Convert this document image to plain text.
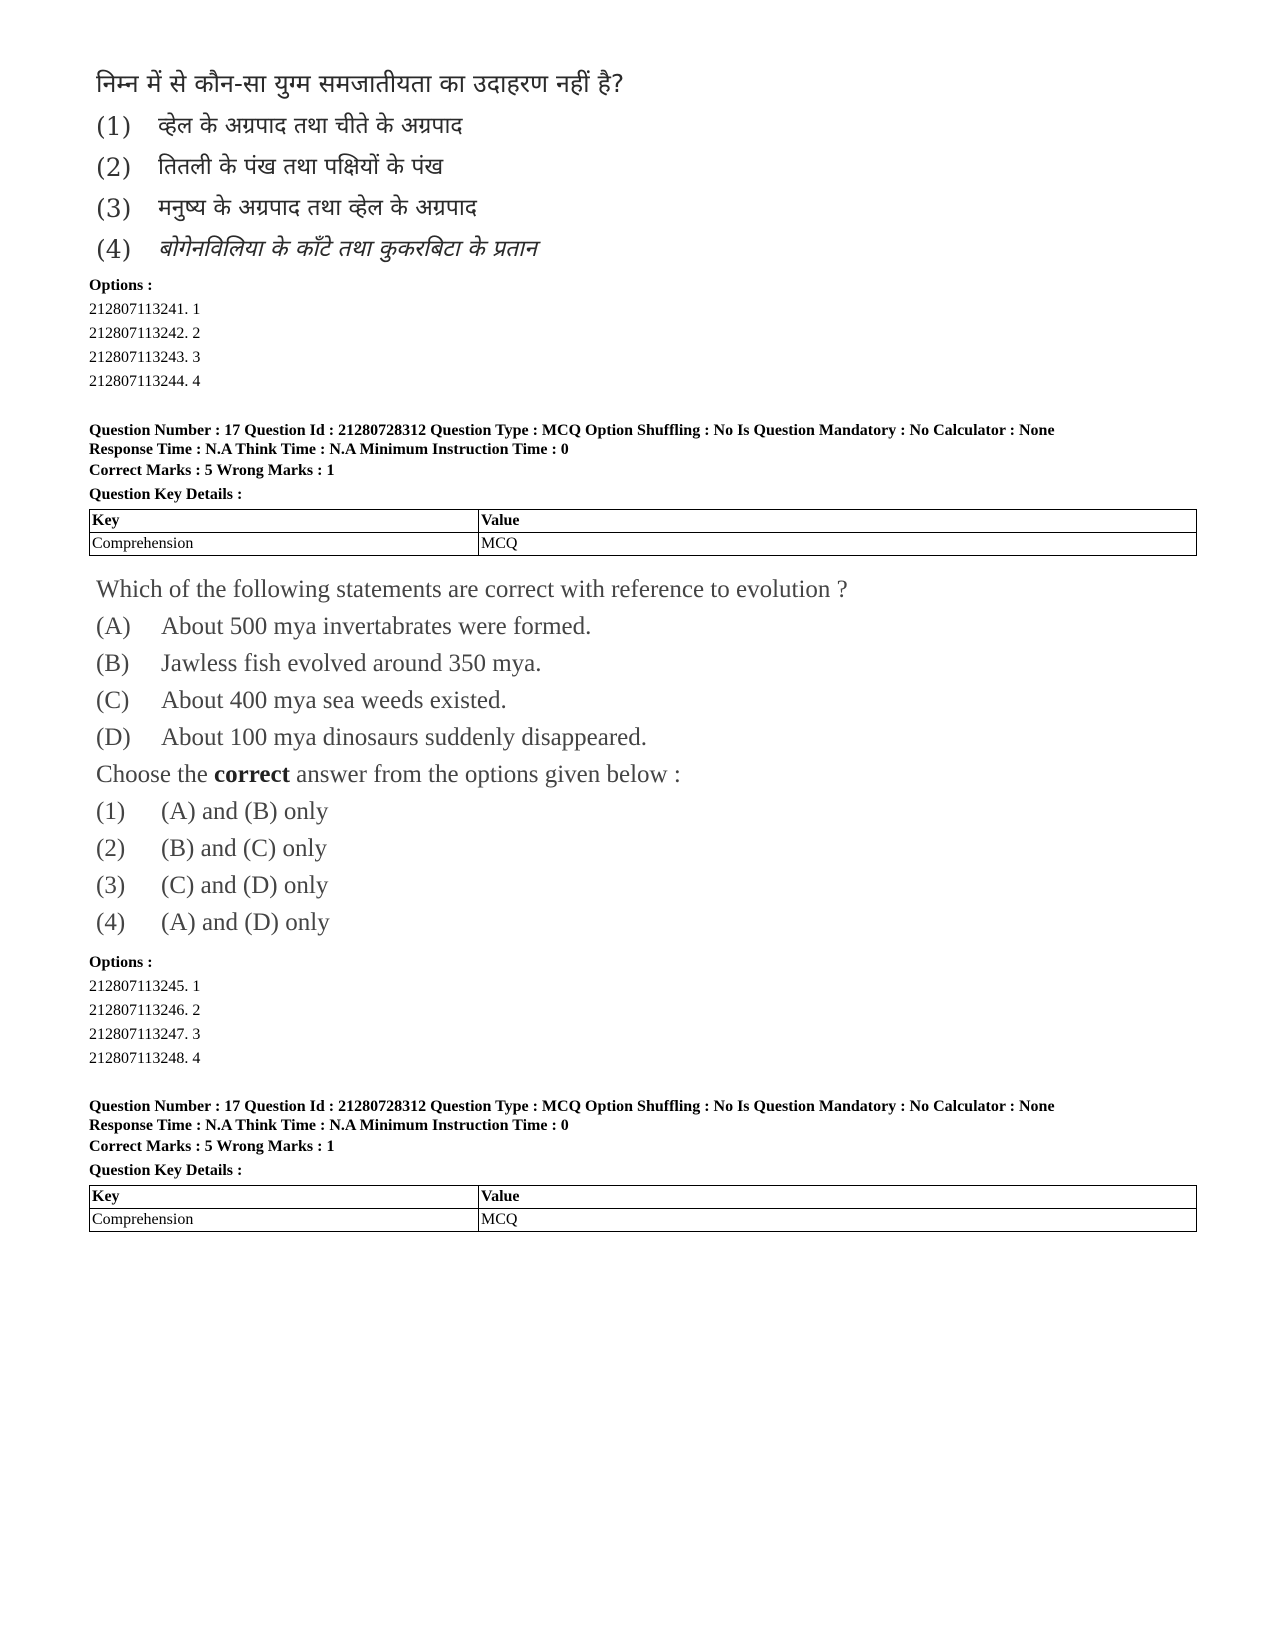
निम्न में से कौन-सा युग्म समजातीयता का उदाहरण नहीं है?
(1)	व्हेल के अग्रपाद तथा चीते के अग्रपाद
(2)	तितली के पंख तथा पक्षियों के पंख
(3)	मनुष्य के अग्रपाद तथा व्हेल के अग्रपाद
(4)	बोगेनविलिया के काँटे तथा कुकरबिटा के प्रतान
Options :
212807113241. 1
212807113242. 2
212807113243. 3
212807113244. 4
Question Number : 17 Question Id : 21280728312 Question Type : MCQ Option Shuffling : No Is Question Mandatory : No Calculator : None
Response Time : N.A Think Time : N.A Minimum Instruction Time : 0
Correct Marks : 5 Wrong Marks : 1
Question Key Details :
Key	Value
Comprehension	MCQ
Which of the following statements are correct with reference to evolution ?
(A)	About 500 mya invertabrates were formed.
(B)	Jawless fish evolved around 350 mya.
(C)	About 400 mya sea weeds existed.
(D)	About 100 mya dinosaurs suddenly disappeared.
Choose the correct answer from the options given below :
(1)	(A) and (B) only
(2)	(B) and (C) only
(3)	(C) and (D) only
(4)	(A) and (D) only
Options :
212807113245. 1
212807113246. 2
212807113247. 3
212807113248. 4
Question Number : 17 Question Id : 21280728312 Question Type : MCQ Option Shuffling : No Is Question Mandatory : No Calculator : None
Response Time : N.A Think Time : N.A Minimum Instruction Time : 0
Correct Marks : 5 Wrong Marks : 1
Question Key Details :
Key	Value
Comprehension	MCQ
